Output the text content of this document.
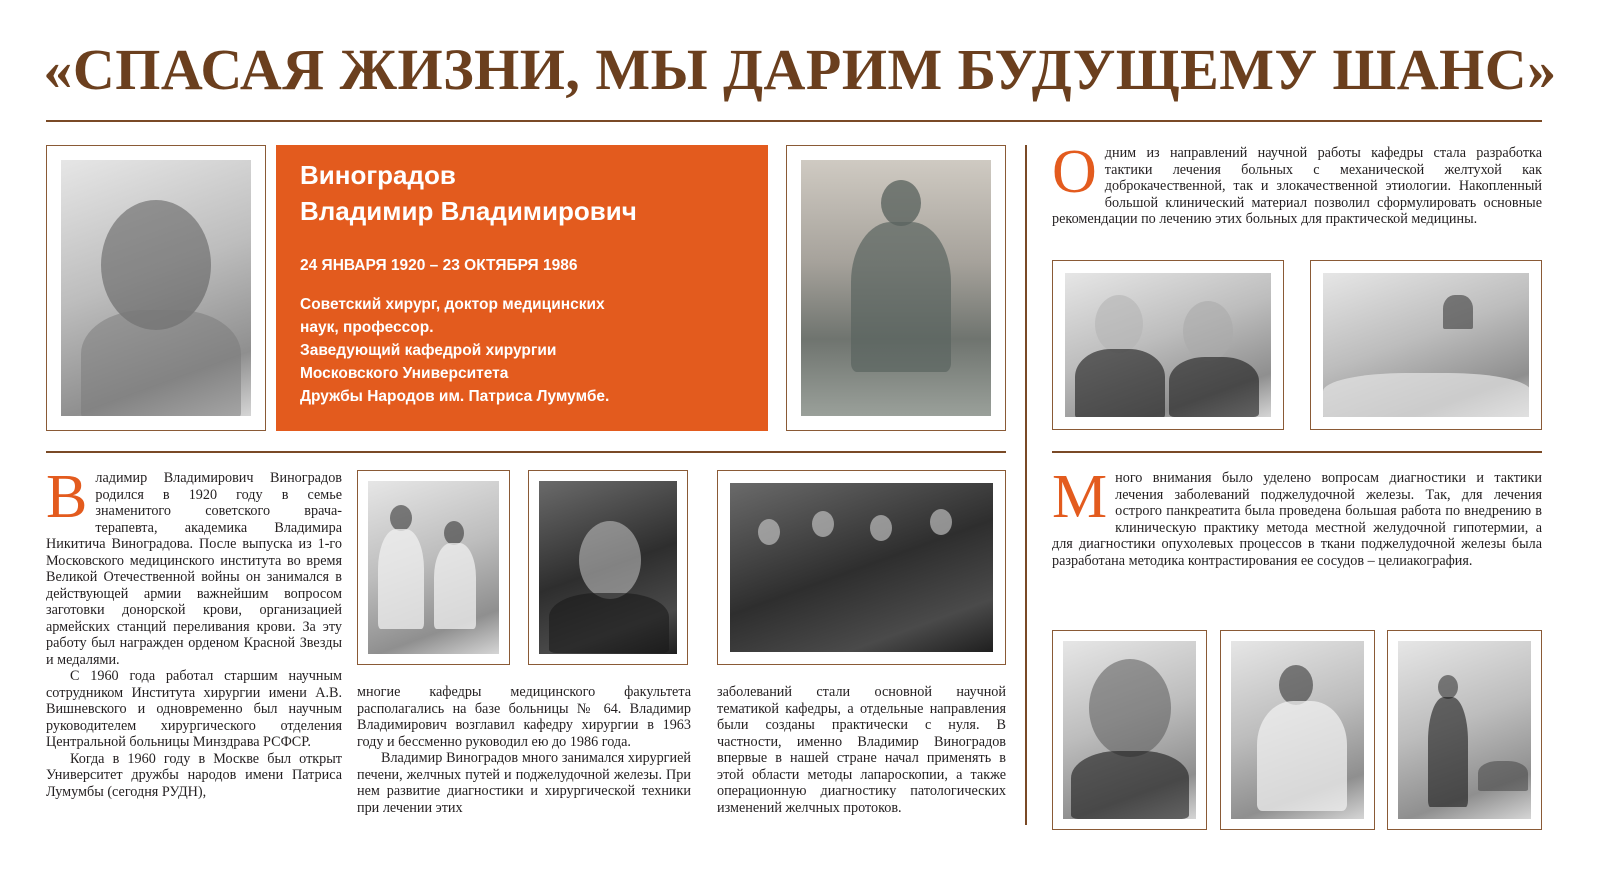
«СПАСАЯ ЖИЗНИ, МЫ ДАРИМ БУДУЩЕМУ ШАНС»
Виноградов
Владимир Владимирович
24 ЯНВАРЯ 1920 – 23 ОКТЯБРЯ 1986
Советский хирург, доктор медицинских
наук, профессор.
Заведующий кафедрой хирургии
Московского Университета
Дружбы Народов им. Патриса Лумумбе.
В ладимир Владимирович Виноградов родился в 1920 году в семье знаменитого советского врача-терапевта, академика Владимира Никитича Виноградова. После выпуска из 1-го Московского медицинского института во время Великой Отечественной войны он занимался в действующей армии важнейшим вопросом заготовки донорской крови, организацией армейских станций переливания крови. За эту работу был награжден орденом Красной Звезды и медалями.

С 1960 года работал старшим научным сотрудником Института хирургии имени А.В. Вишневского и одновременно был научным руководителем хирургического отделения Центральной больницы Минздрава РСФСР.

Когда в 1960 году в Москве был открыт Университет дружбы народов имени Патриса Лумумбы (сегодня РУДН),

многие кафедры медицинского факультета располагались на базе больницы № 64. Владимир Владимирович возглавил кафедру хирургии в 1963 году и бессменно руководил ею до 1986 года.

Владимир Виноградов много занимался хирургией печени, желчных путей и поджелудочной железы. При нем развитие диагностики и хирургической техники при лечении этих

заболеваний стали основной научной тематикой кафедры, а отдельные направления были созданы практически с нуля. В частности, именно Владимир Виноградов впервые в нашей стране начал применять в этой области методы лапароскопии, а также операционную диагностику патологических изменений желчных протоков.

О дним из направлений научной работы кафедры стала разработка тактики лечения больных с механической желтухой как доброкачественной, так и злокачественной этиологии. Накопленный большой клинический материал позволил сформулировать основные рекомендации по лечению этих больных для практической медицины.

М ного внимания было уделено вопросам диагностики и тактики лечения заболеваний поджелудочной железы. Так, для лечения острого панкреатита была проведена большая работа по внедрению в клиническую практику метода местной желудочной гипотермии, а для диагностики опухолевых процессов в ткани поджелудочной железы была разработана методика контрастирования ее сосудов – целиакография.
